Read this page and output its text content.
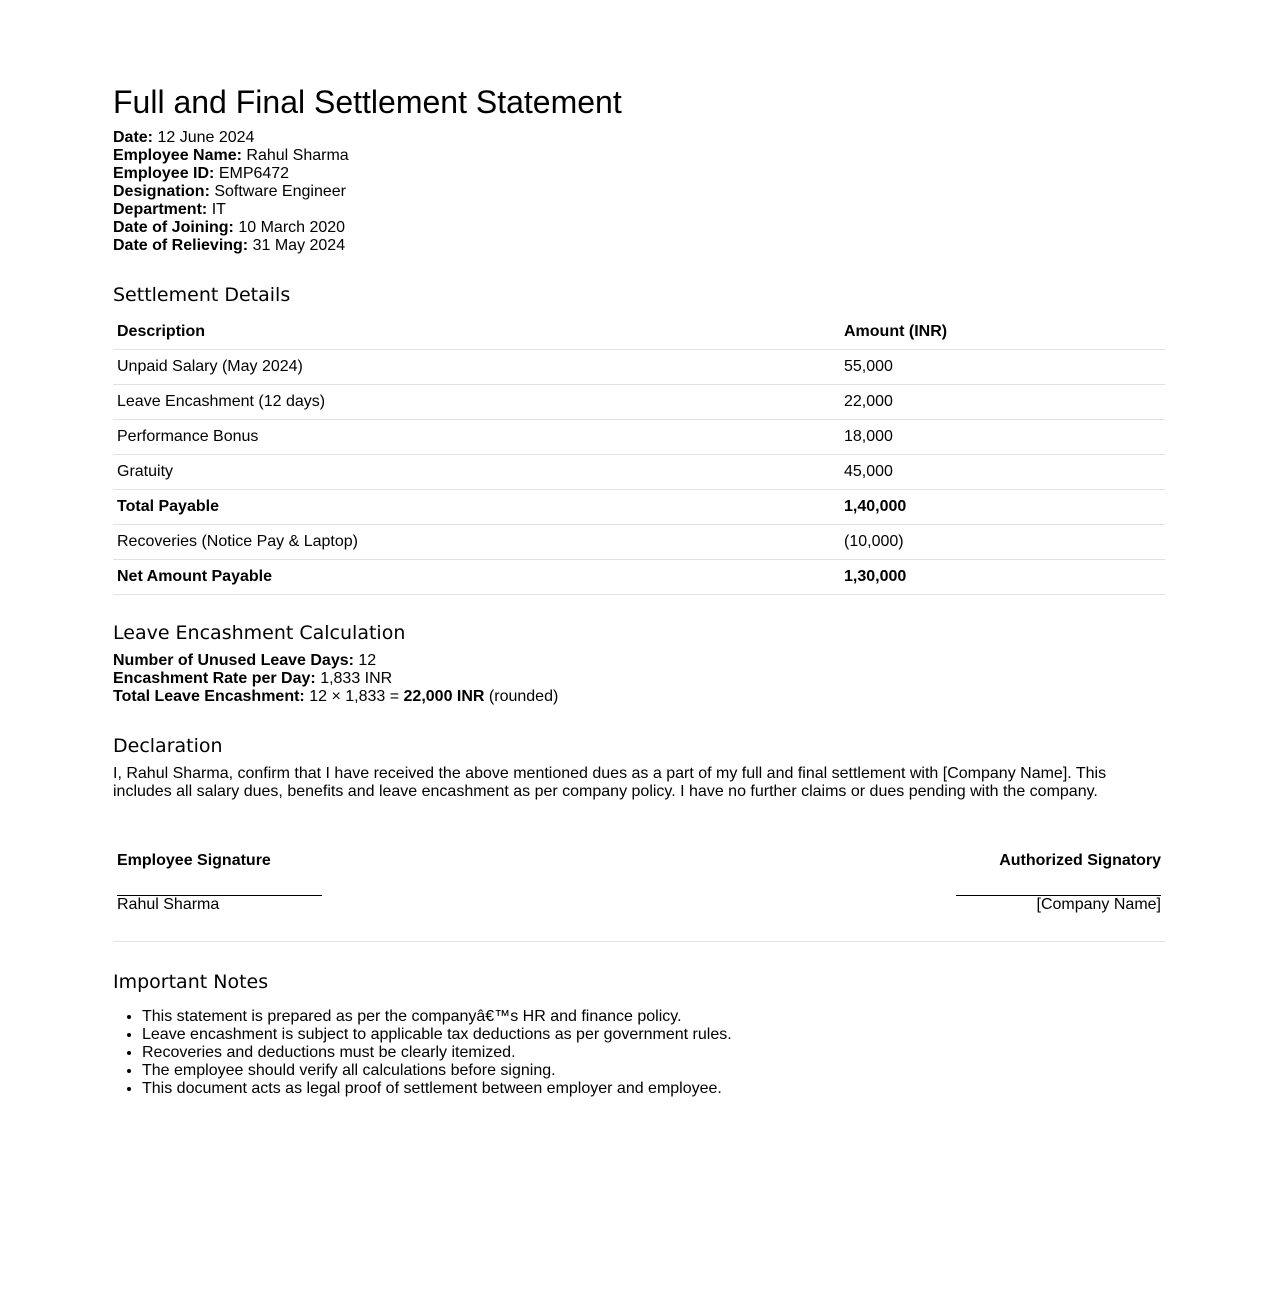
Full and Final Settlement Statement
Date: 12 June 2024
Employee Name: Rahul Sharma
Employee ID: EMP6472
Designation: Software Engineer
Department: IT
Date of Joining: 10 March 2020
Date of Relieving: 31 May 2024
Settlement Details
Description	Amount (INR)
Unpaid Salary (May 2024)	55,000
Leave Encashment (12 days)	22,000
Performance Bonus	18,000
Gratuity	45,000
Total Payable	1,40,000
Recoveries (Notice Pay & Laptop)	(10,000)
Net Amount Payable	1,30,000
Leave Encashment Calculation
Number of Unused Leave Days: 12
Encashment Rate per Day: 1,833 INR
Total Leave Encashment: 12 × 1,833 = 22,000 INR (rounded)
Declaration
I, Rahul Sharma, confirm that I have received the above mentioned dues as a part of my full and final settlement with [Company Name]. This includes all salary dues, benefits and leave encashment as per company policy. I have no further claims or dues pending with the company.
Employee Signature
Rahul Sharma

Authorized Signatory
[Company Name]
Important Notes
• This statement is prepared as per the companyâ€™s HR and finance policy.
• Leave encashment is subject to applicable tax deductions as per government rules.
• Recoveries and deductions must be clearly itemized.
• The employee should verify all calculations before signing.
• This document acts as legal proof of settlement between employer and employee.
